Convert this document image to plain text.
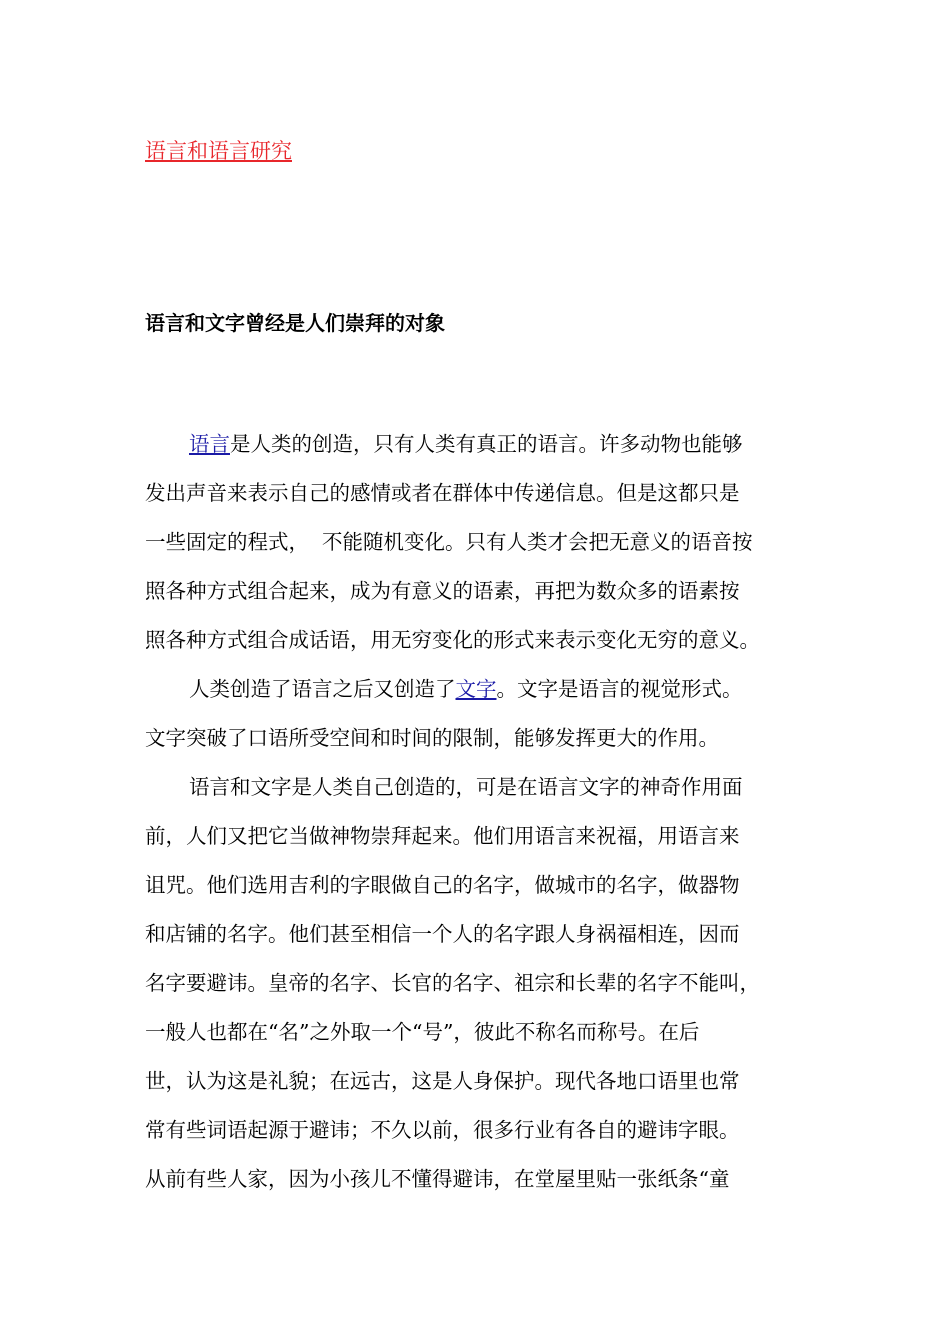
语言和语言研究
语言和文字曾经是人们崇拜的对象
语言是人类的创造，只有人类有真正的语言。许多动物也能够
发出声音来表示自己的感情或者在群体中传递信息。但是这都只是
一些固定的程式，  不能随机变化。只有人类才会把无意义的语音按
照各种方式组合起来，成为有意义的语素，再把为数众多的语素按
照各种方式组合成话语，用无穷变化的形式来表示变化无穷的意义。
人类创造了语言之后又创造了文字。文字是语言的视觉形式。
文字突破了口语所受空间和时间的限制，能够发挥更大的作用。
语言和文字是人类自己创造的，可是在语言文字的神奇作用面
前，人们又把它当做神物崇拜起来。他们用语言来祝福，用语言来
诅咒。他们选用吉利的字眼做自己的名字，做城市的名字，做器物
和店铺的名字。他们甚至相信一个人的名字跟人身祸福相连，因而
名字要避讳。皇帝的名字、长官的名字、祖宗和长辈的名字不能叫，
一般人也都在“名”之外取一个“号”，彼此不称名而称号。在后
世，认为这是礼貌；在远古，这是人身保护。现代各地口语里也常
常有些词语起源于避讳；不久以前，很多行业有各自的避讳字眼。
从前有些人家，因为小孩儿不懂得避讳，在堂屋里贴一张纸条“童
